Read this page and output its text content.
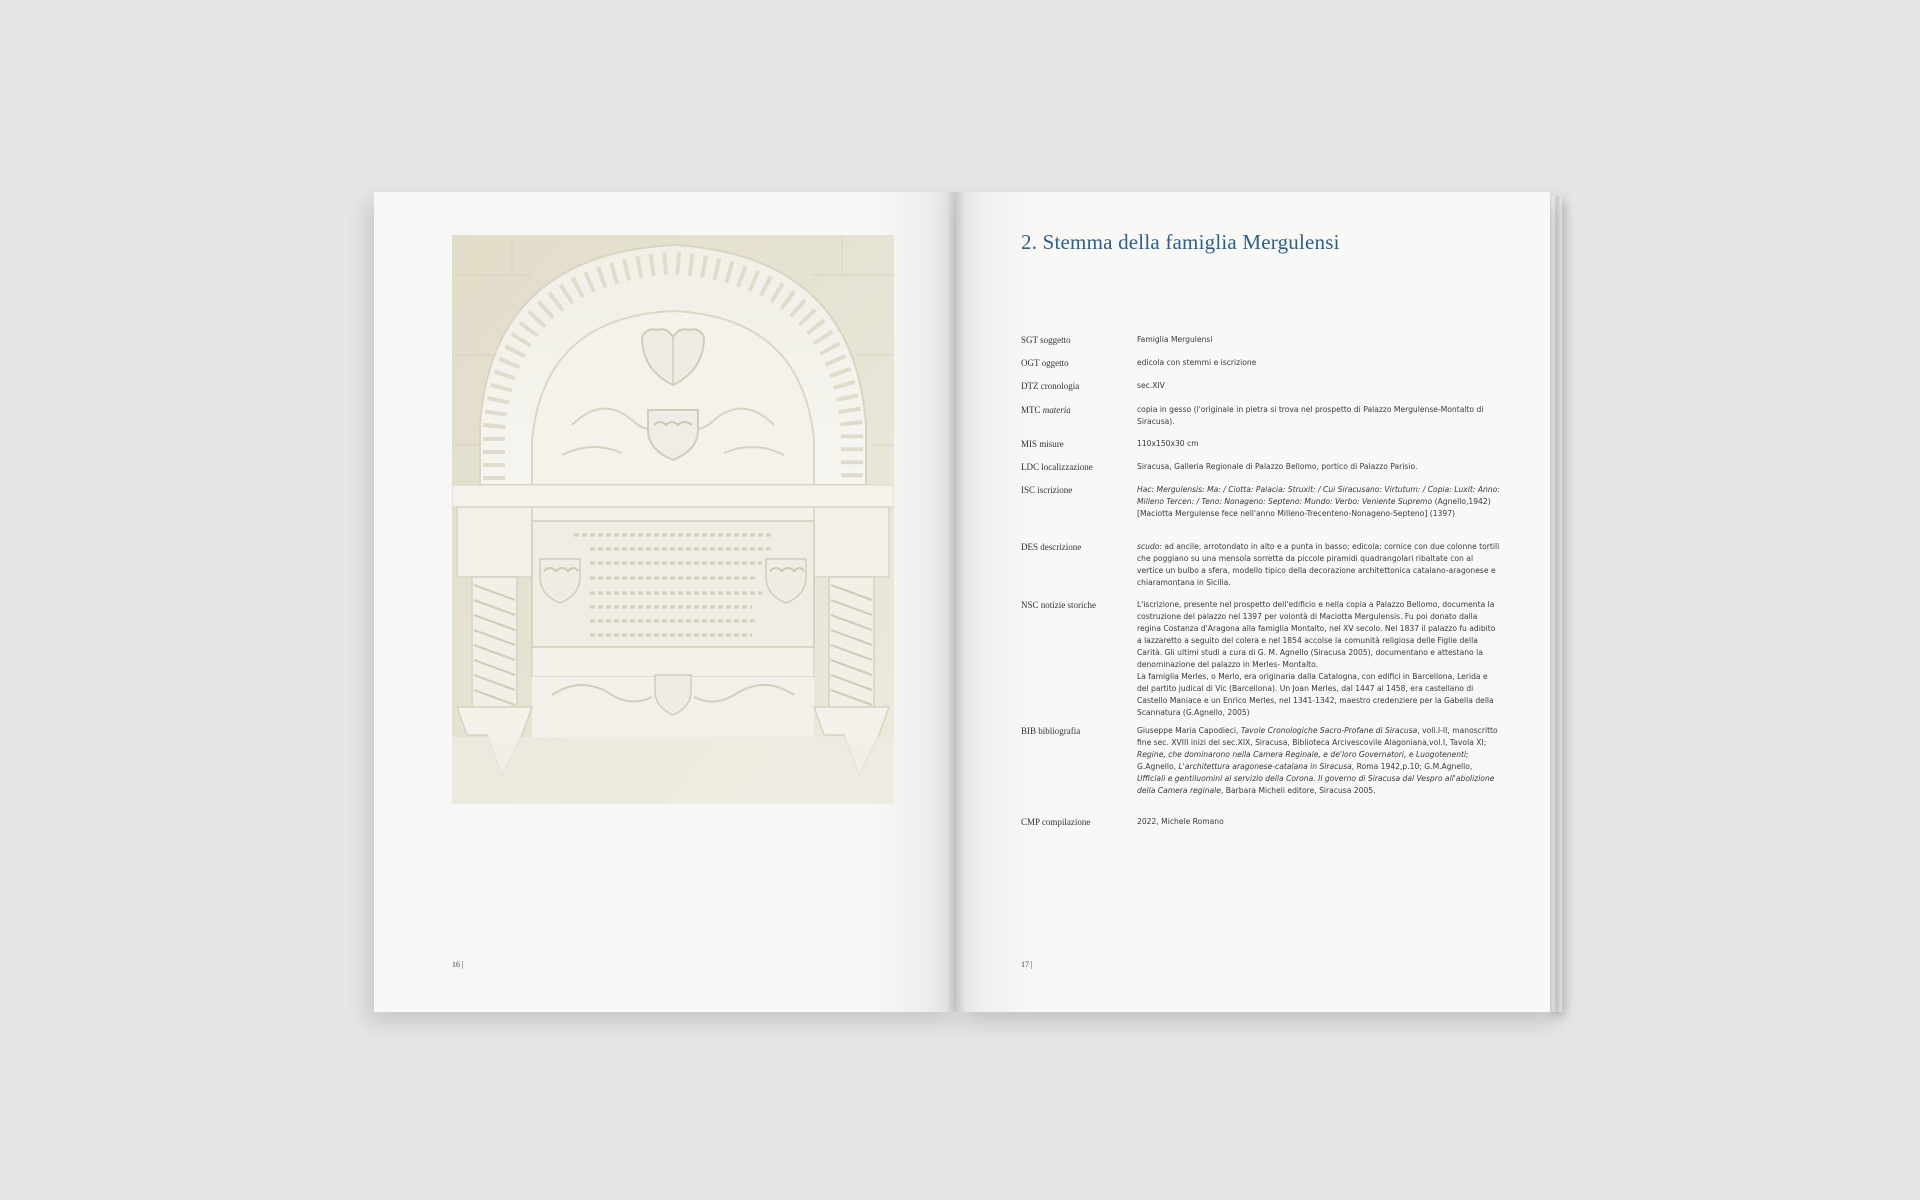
16 |
2. Stemma della famiglia Mergulensi
SGT soggetto	Famiglia Mergulensi
OGT oggetto	edicola con stemmi e iscrizione
DTZ cronologia	sec.XIV
MTC materia	copia in gesso (l'originale in pietra si trova nel prospetto di Palazzo Mergulense-Montalto di Siracusa).
MIS misure	110x150x30 cm
LDC localizzazione	Siracusa, Galleria Regionale di Palazzo Bellomo, portico di Palazzo Parisio.
ISC iscrizione	Hac: Mergulensis: Ma: / Ciotta: Palacia: Struxit: / Cui Siracusano: Virtutum: / Copia: Luxit: Anno: Milleno Tercen: / Teno: Nonageno: Septeno: Mundo: Verbo: Veniente Supremo (Agnello,1942) [Maciotta Mergulense fece nell'anno Milleno-Trecenteno-Nonageno-Septeno] (1397)
DES descrizione	scudo: ad ancile, arrotondato in alto e a punta in basso; edicola: cornice con due colonne tortili che poggiano su una mensola sorretta da piccole piramidi quadrangolari ribaltate con al vertice un bulbo a sfera, modello tipico della decorazione architettonica catalano-aragonese e chiaramontana in Sicilia.
NSC notizie storiche	L'iscrizione, presente nel prospetto dell'edificio e nella copia a Palazzo Bellomo, documenta la costruzione del palazzo nel 1397 per volontà di Maciotta Mergulensis. Fu poi donato dalla regina Costanza d'Aragona alla famiglia Montalto, nel XV secolo. Nel 1837 il palazzo fu adibito a lazzaretto a seguito del colera e nel 1854 accolse la comunità religiosa delle Figlie della Carità. Gli ultimi studi a cura di G. M. Agnello (Siracusa 2005), documentano e attestano la denominazione del palazzo in Merles- Montalto.
La famiglia Merles, o Merlo, era originaria dalla Catalogna, con edifici in Barcellona, Lerida e del partito judical di Vic (Barcellona). Un Joan Merles, dal 1447 al 1458, era castellano di Castello Maniace e un Enrico Merles, nel 1341-1342, maestro credenziere per la Gabella della Scannatura (G.Agnello, 2005)
BIB bibliografia	Giuseppe Maria Capodieci, Tavole Cronologiche Sacro-Profane di Siracusa, voll.I-II, manoscritto fine sec. XVIII inizi del sec.XIX, Siracusa, Biblioteca Arcivescovile Alagoniana,vol.I, Tavola XI; Regine, che dominarono nella Camera Reginale, e de'loro Governatori, e Luogotenenti; G.Agnello, L'architettura aragonese-catalana in Siracusa, Roma 1942,p.10; G.M.Agnello, Ufficiali e gentiluomini al servizio della Corona. Il governo di Siracusa dal Vespro all'abolizione della Camera reginale, Barbara Micheli editore, Siracusa 2005.
CMP compilazione	2022, Michele Romano
17 |
